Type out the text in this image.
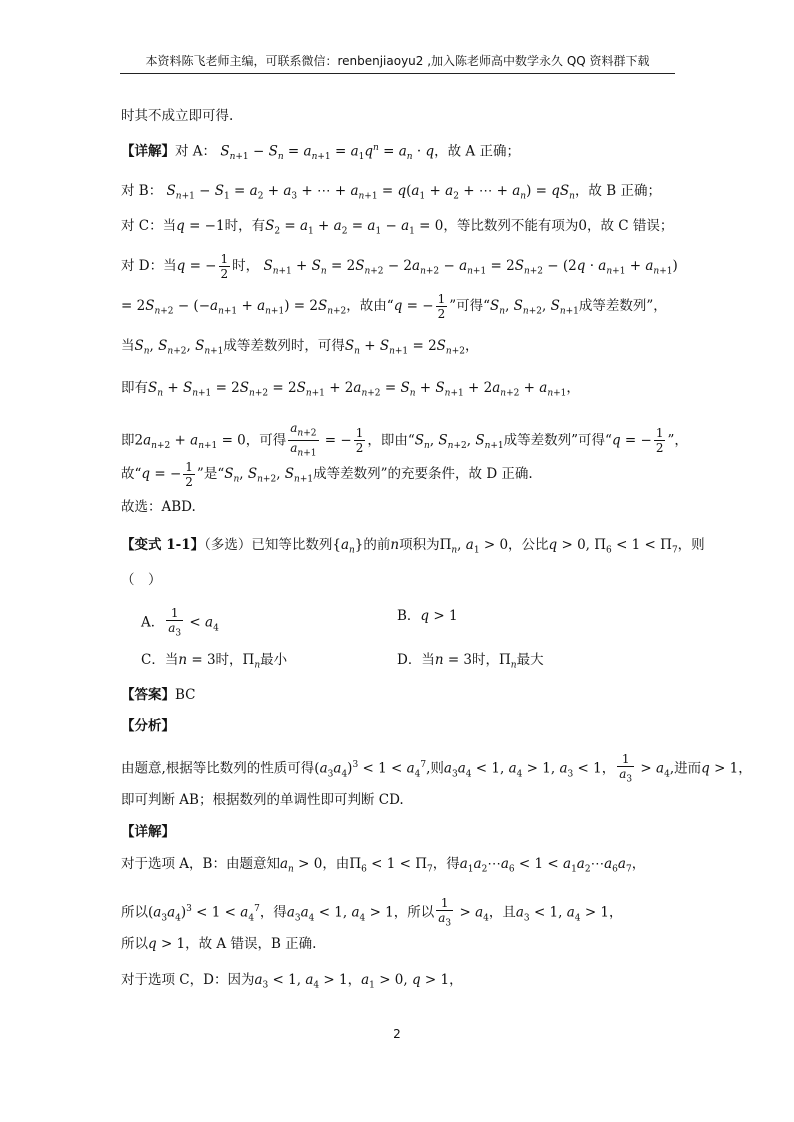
本资料陈飞老师主编，可联系微信：renbenjiaoyu2 ,加入陈老师高中数学永久 QQ 资料群下载
时其不成立即可得.
【详解】对 A： $S_{n+1} - S_n = a_{n+1} = a_1q^n = a_n \cdot q$，故 A 正确；
对 B： $S_{n+1} - S_1 = a_2 + a_3$ + ⋯ + $a_{n+1} = q(a_1 + a_2$ + ⋯ + $a_n) = qS_n$，故 B 正确；
对 C：当q = −1时，有$S_2 = a_1 + a_2 = a_1 - a_1 = 0$，等比数列不能有项为0，故 C 错误；
对 D：当q = − $\frac{1}{2}$ 时， $S_{n+1} + S_n = 2S_{n+2} - 2a_{n+2} - a_{n+1} = 2S_{n+2} - (2q \cdot a_{n+1} + a_{n+1})$
= $2S_{n+2} - (-a_{n+1} + a_{n+1}) = 2S_{n+2}$，故由“q = − $\frac{1}{2}$ ”可得“$S_n$, $S_{n+2}$, $S_{n+1}$成等差数列”，
当$S_n$, $S_{n+2}$, $S_{n+1}$成等差数列时，可得$S_n + S_{n+1} = 2S_{n+2}$，
即有$S_n + S_{n+1} = 2S_{n+2} = 2S_{n+1} + 2a_{n+2} = S_n + S_{n+1} + 2a_{n+2} + a_{n+1}$，
即$2a_{n+2} + a_{n+1} = 0$，可得 $\frac{a_{n+2}}{a_{n+1}}$ = − $\frac{1}{2}$ ，即由“$S_n$, $S_{n+2}$, $S_{n+1}$成等差数列”可得“q = − $\frac{1}{2}$ ”，
故“q = − $\frac{1}{2}$ ”是“$S_n$, $S_{n+2}$, $S_{n+1}$成等差数列”的充要条件，故 D 正确.
故选：ABD.
【变式 1-1】（多选）已知等比数列$\{a_n\}$的前n项积为$\Pi_n$, $a_1 > 0$，公比q > 0, $\Pi_6 < 1 < \Pi_7$，则
（　）
A． $\frac{1}{a_3} < a_4$
B．q > 1
C．当n = 3时，$\Pi_n$最小	D．当n = 3时，$\Pi_n$最大
【答案】BC
【分析】
由题意,根据等比数列的性质可得$(a_3a_4)^3 < 1 < a_4^7$,则$a_3a_4 < 1$, $a_4 > 1$, $a_3 < 1$， $\frac{1}{a_3} > a_4$,进而q > 1，
即可判断 AB；根据数列的单调性即可判断 CD.
【详解】
对于选项 A，B：由题意知$a_n > 0$，由$\Pi_6 < 1 < \Pi_7$，得$a_1a_2\cdots a_6 < 1$ < $a_1a_2\cdots a_6a_7$，
所以$(a_3a_4)^3 < 1 < a_4^7$，得$a_3a_4 < 1$, $a_4 > 1$，所以 $\frac{1}{a_3} > a_4$，且$a_3 < 1$, $a_4 > 1$，
所以q > 1，故 A 错误，B 正确.
对于选项 C，D：因为$a_3 < 1$, $a_4 > 1$，$a_1 > 0$, q > 1，
2
